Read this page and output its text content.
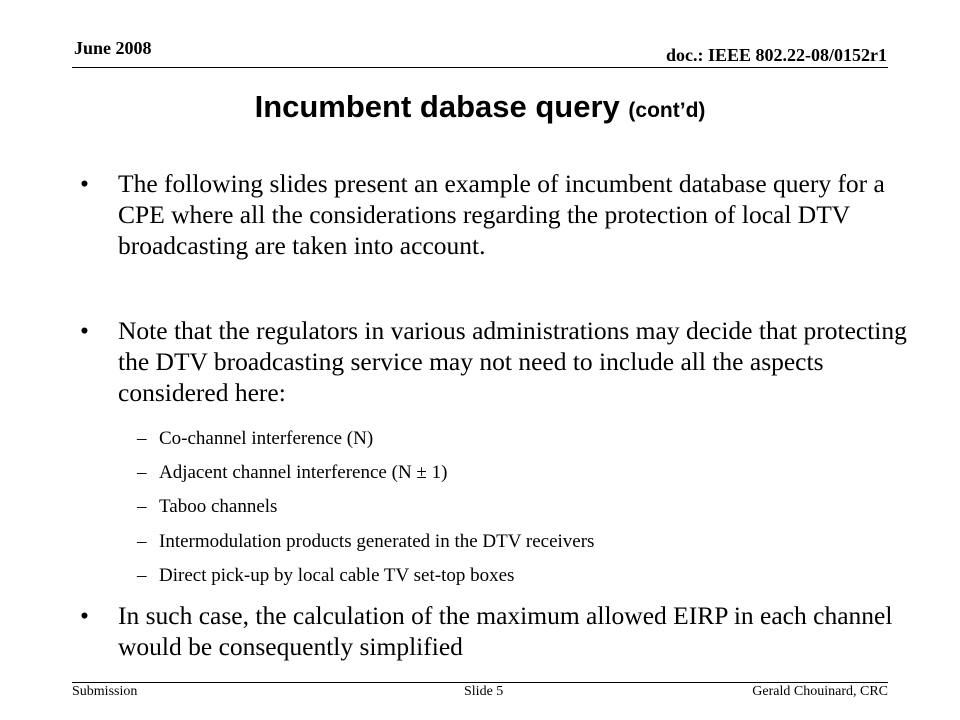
June 2008	doc.: IEEE 802.22-08/0152r1
Incumbent dabase query (cont’d)
• The following slides present an example of incumbent database query for a CPE where all the considerations regarding the protection of local DTV broadcasting are taken into account.
• Note that the regulators in various administrations may decide that protecting the DTV broadcasting service may not need to include all the aspects considered here:
– Co-channel interference (N)
– Adjacent channel interference (N ± 1)
– Taboo channels
– Intermodulation products generated in the DTV receivers
– Direct pick-up by local cable TV set-top boxes
• In such case, the calculation of the maximum allowed EIRP in each channel would be consequently simplified
Submission	Slide 5	Gerald Chouinard, CRC
